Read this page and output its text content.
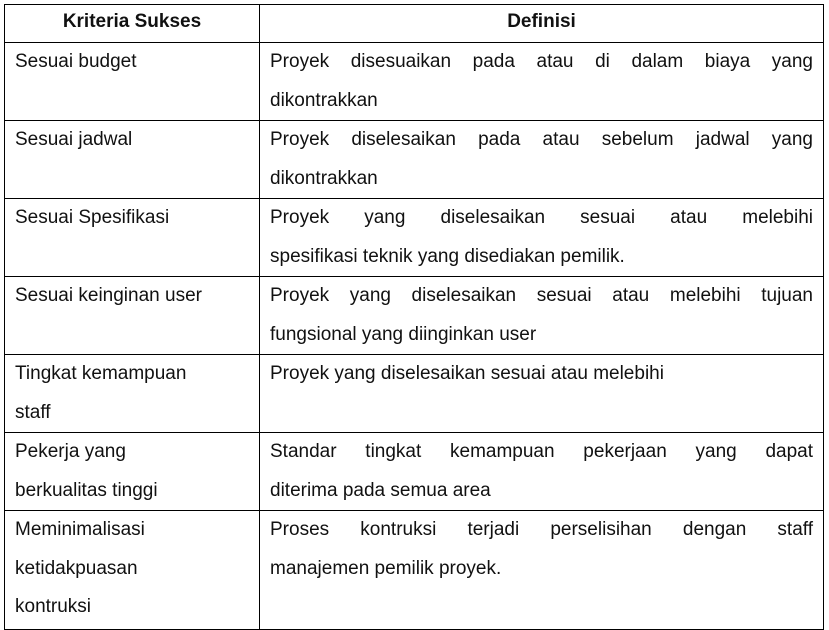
Kriteria Sukses	Definisi

Sesuai budget	Proyek disesuaikan pada atau di dalam biaya yang
dikontrakkan

Sesuai jadwal	Proyek diselesaikan pada atau sebelum jadwal yang
dikontrakkan

Sesuai Spesifikasi	Proyek yang diselesaikan sesuai atau melebihi
spesifikasi teknik yang disediakan pemilik.

Sesuai keinginan user	Proyek yang diselesaikan sesuai atau melebihi tujuan
fungsional yang diinginkan user

Tingkat kemampuan
staff	Proyek yang diselesaikan sesuai atau melebihi

Pekerja yang
berkualitas tinggi	Standar tingkat kemampuan pekerjaan yang dapat
diterima pada semua area

Meminimalisasi
ketidakpuasan
kontruksi	Proses kontruksi terjadi perselisihan dengan staff
manajemen pemilik proyek.
